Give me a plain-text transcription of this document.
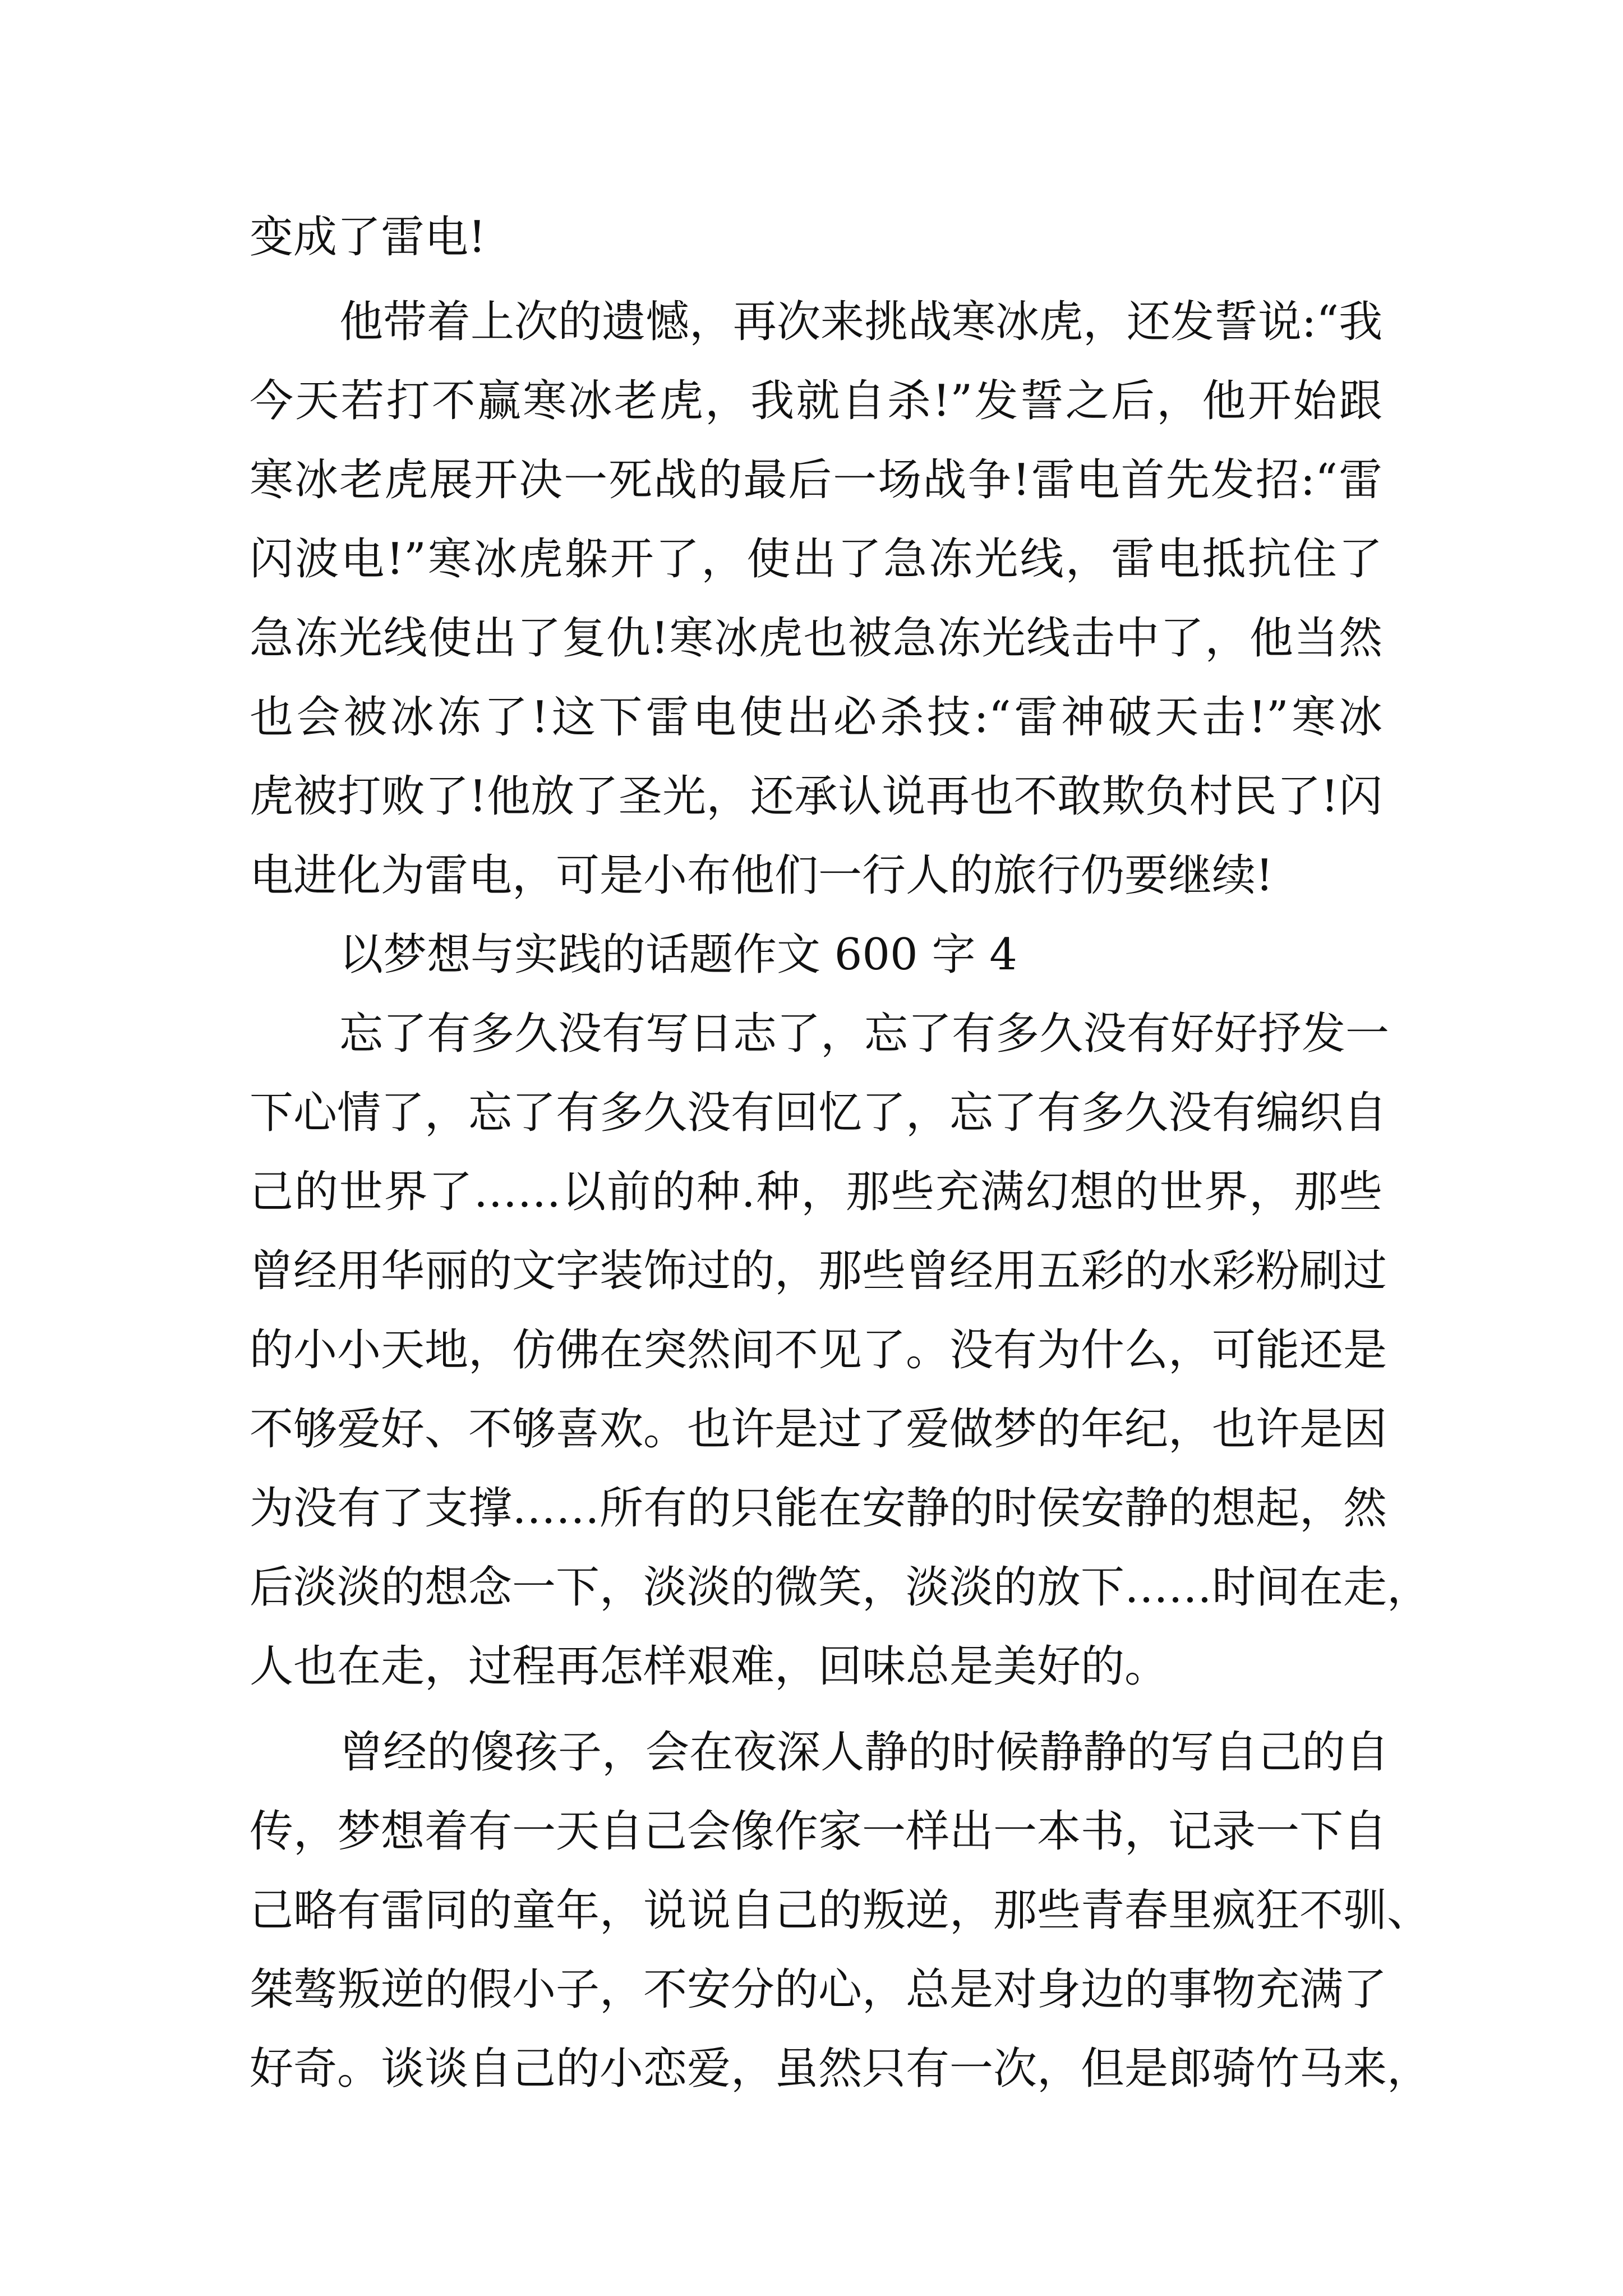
变成了雷电!
他带着上次的遗憾，再次来挑战寒冰虎，还发誓说:“我
今天若打不赢寒冰老虎，我就自杀!”发誓之后，他开始跟
寒冰老虎展开决一死战的最后一场战争!雷电首先发招:“雷
闪波电!”寒冰虎躲开了，使出了急冻光线，雷电抵抗住了
急冻光线使出了复仇!寒冰虎也被急冻光线击中了，他当然
也会被冰冻了!这下雷电使出必杀技:“雷神破天击!”寒冰
虎被打败了!他放了圣光，还承认说再也不敢欺负村民了!闪
电进化为雷电，可是小布他们一行人的旅行仍要继续!
以梦想与实践的话题作文 600 字 4
忘了有多久没有写日志了，忘了有多久没有好好抒发一
下心情了，忘了有多久没有回忆了，忘了有多久没有编织自
己的世界了……以前的种.种，那些充满幻想的世界，那些
曾经用华丽的文字装饰过的，那些曾经用五彩的水彩粉刷过
的小小天地，仿佛在突然间不见了。没有为什么，可能还是
不够爱好、不够喜欢。也许是过了爱做梦的年纪，也许是因
为没有了支撑……所有的只能在安静的时侯安静的想起，然
后淡淡的想念一下，淡淡的微笑，淡淡的放下……时间在走，
人也在走，过程再怎样艰难，回味总是美好的。
曾经的傻孩子，会在夜深人静的时候静静的写自己的自
传，梦想着有一天自己会像作家一样出一本书，记录一下自
己略有雷同的童年，说说自己的叛逆，那些青春里疯狂不驯、
桀骜叛逆的假小子，不安分的心，总是对身边的事物充满了
好奇。谈谈自己的小恋爱，虽然只有一次，但是郎骑竹马来，
